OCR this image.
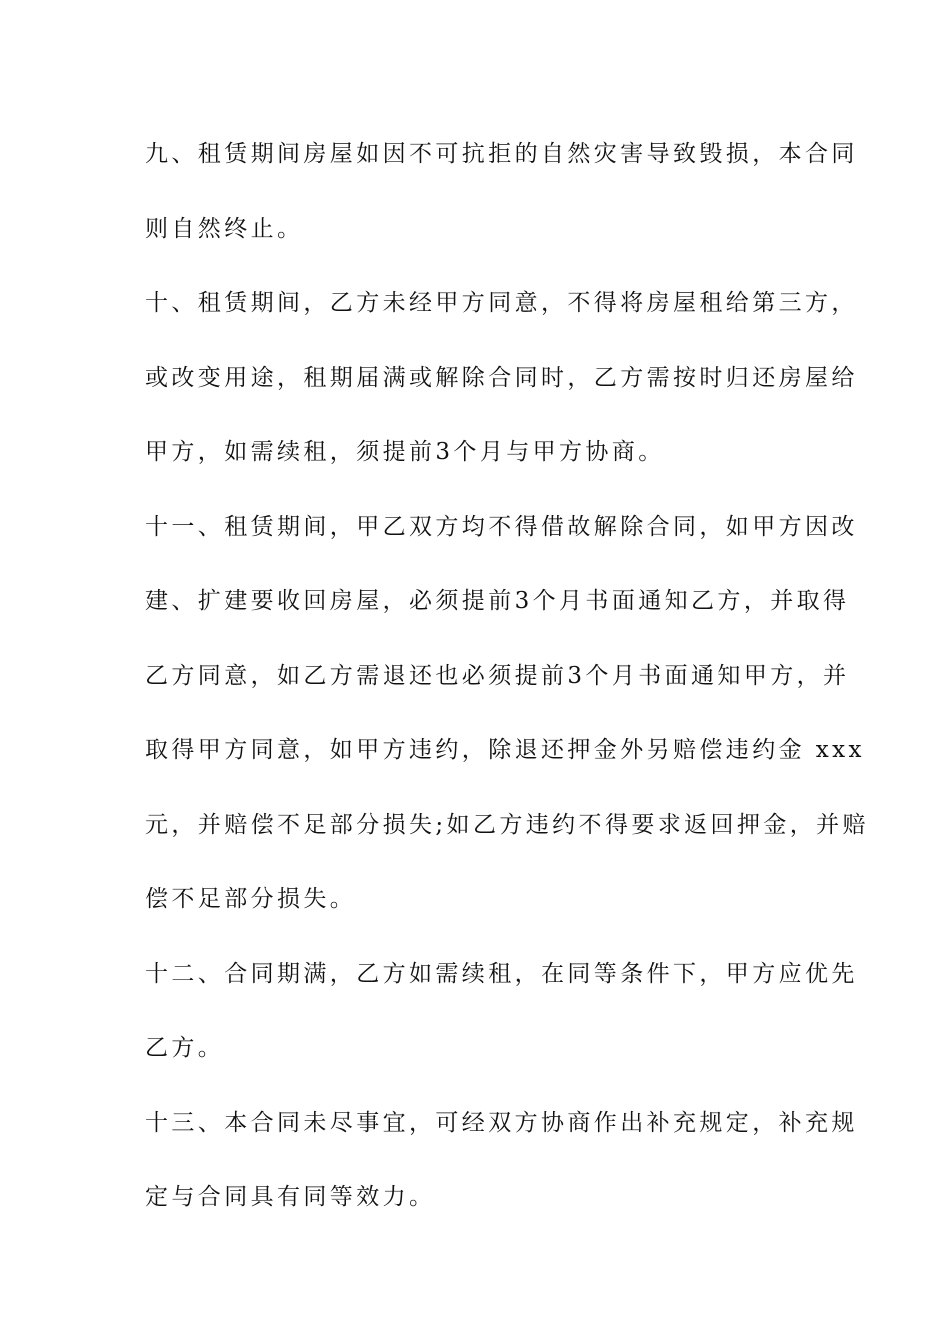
九、租赁期间房屋如因不可抗拒的自然灾害导致毁损，本合同
则自然终止。
十、租赁期间，乙方未经甲方同意，不得将房屋租给第三方，
或改变用途，租期届满或解除合同时，乙方需按时归还房屋给
甲方，如需续租，须提前3个月与甲方协商。
十一、租赁期间，甲乙双方均不得借故解除合同，如甲方因改
建、扩建要收回房屋，必须提前3个月书面通知乙方，并取得
乙方同意，如乙方需退还也必须提前3个月书面通知甲方，并
取得甲方同意，如甲方违约，除退还押金外另赔偿违约金 xxx
元，并赔偿不足部分损失;如乙方违约不得要求返回押金，并赔
偿不足部分损失。
十二、合同期满，乙方如需续租，在同等条件下，甲方应优先
乙方。
十三、本合同未尽事宜，可经双方协商作出补充规定，补充规
定与合同具有同等效力。
